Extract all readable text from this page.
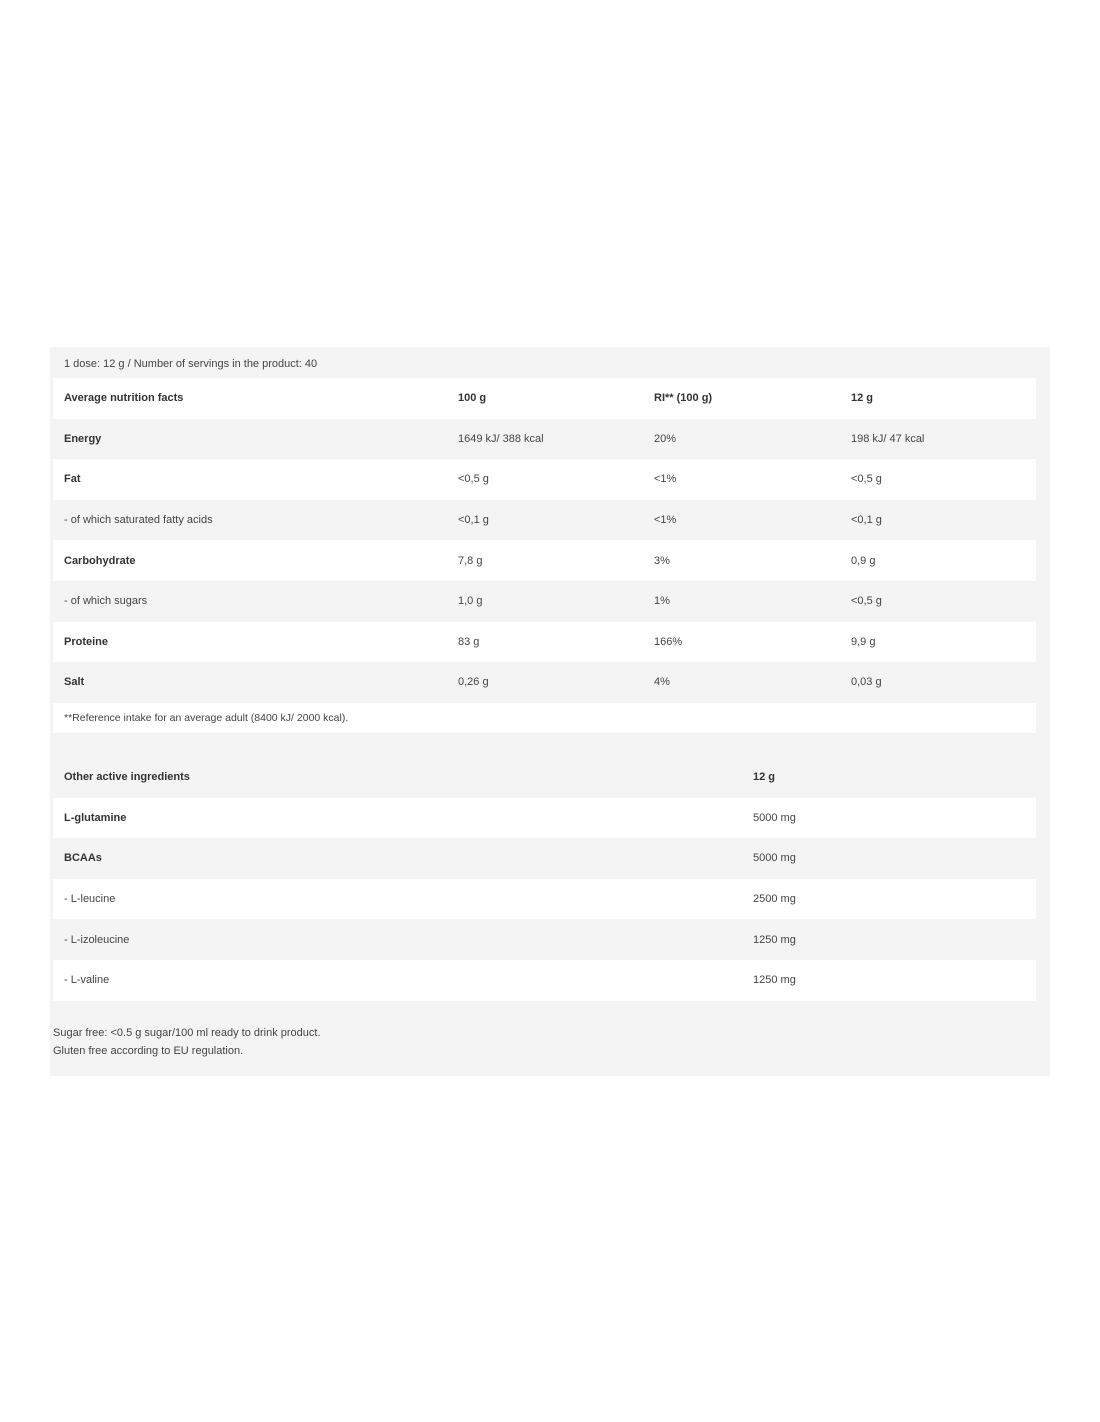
1 dose: 12 g / Number of servings in the product: 40
Average nutrition facts	100 g	RI** (100 g)	12 g
Energy	1649 kJ/ 388 kcal	20%	198 kJ/ 47 kcal
Fat	<0,5 g	<1%	<0,5 g
- of which saturated fatty acids	<0,1 g	<1%	<0,1 g
Carbohydrate	7,8 g	3%	0,9 g
- of which sugars	1,0 g	1%	<0,5 g
Proteine	83 g	166%	9,9 g
Salt	0,26 g	4%	0,03 g
**Reference intake for an average adult (8400 kJ/ 2000 kcal).
Other active ingredients	12 g
L-glutamine	5000 mg
BCAAs	5000 mg
- L-leucine	2500 mg
- L-izoleucine	1250 mg
- L-valine	1250 mg
Sugar free: <0.5 g sugar/100 ml ready to drink product.
Gluten free according to EU regulation.
